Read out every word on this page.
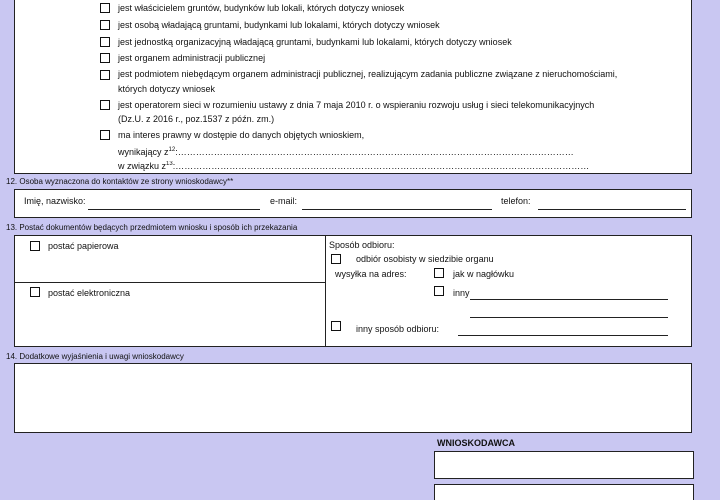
jest właścicielem gruntów, budynków lub lokali, których dotyczy wniosek
jest osobą władającą gruntami, budynkami lub lokalami, których dotyczy wniosek
jest jednostką organizacyjną władającą gruntami, budynkami lub lokalami, których dotyczy wniosek
jest organem administracji publicznej
jest podmiotem niebędącym organem administracji publicznej, realizującym zadania publiczne związane z nieruchomościami,
których dotyczy wniosek
jest operatorem sieci w rozumieniu ustawy z dnia 7 maja 2010 r. o wspieraniu rozwoju usług i sieci telekomunikacyjnych
(Dz.U. z 2016 r., poz.1537 z późn. zm.)
ma interes prawny w dostępie do danych objętych wnioskiem,
wynikający $z^{12}:\dots\dots\dots\dots\dots\dots\dots\dots\dots\dots\dots\dots\dots\dots\dots\dots\dots\dots\dots\dots\dots\dots\dots\dots\dots\dots\dots\dots\dots\dots\dots\dots\dots\dots\dots\dots\dots\dots\dots\dots\dots\dots\dots\dots$
w związku $z^{13}:\dots\dots\dots\dots\dots\dots\dots\dots\dots\dots\dots\dots\dots\dots\dots\dots\dots\dots\dots\dots\dots\dots\dots\dots\dots\dots\dots\dots\dots\dots\dots\dots\dots\dots\dots\dots\dots\dots\dots\dots\dots\dots\dots\dots\dots\dots$
12. Osoba wyznaczona do kontaktów ze strony wnioskodawcy**
Imię, nazwisko:	e-mail:	telefon:
13. Postać dokumentów będących przedmiotem wniosku i sposób ich przekazania
postać papierowa
postać elektroniczna
Sposób odbioru:
odbiór osobisty w siedzibie organu
wysyłka na adres:	jak w nagłówku
inny
inny sposób odbioru:
14. Dodatkowe wyjaśnienia i uwagi wnioskodawcy
WNIOSKODAWCA
